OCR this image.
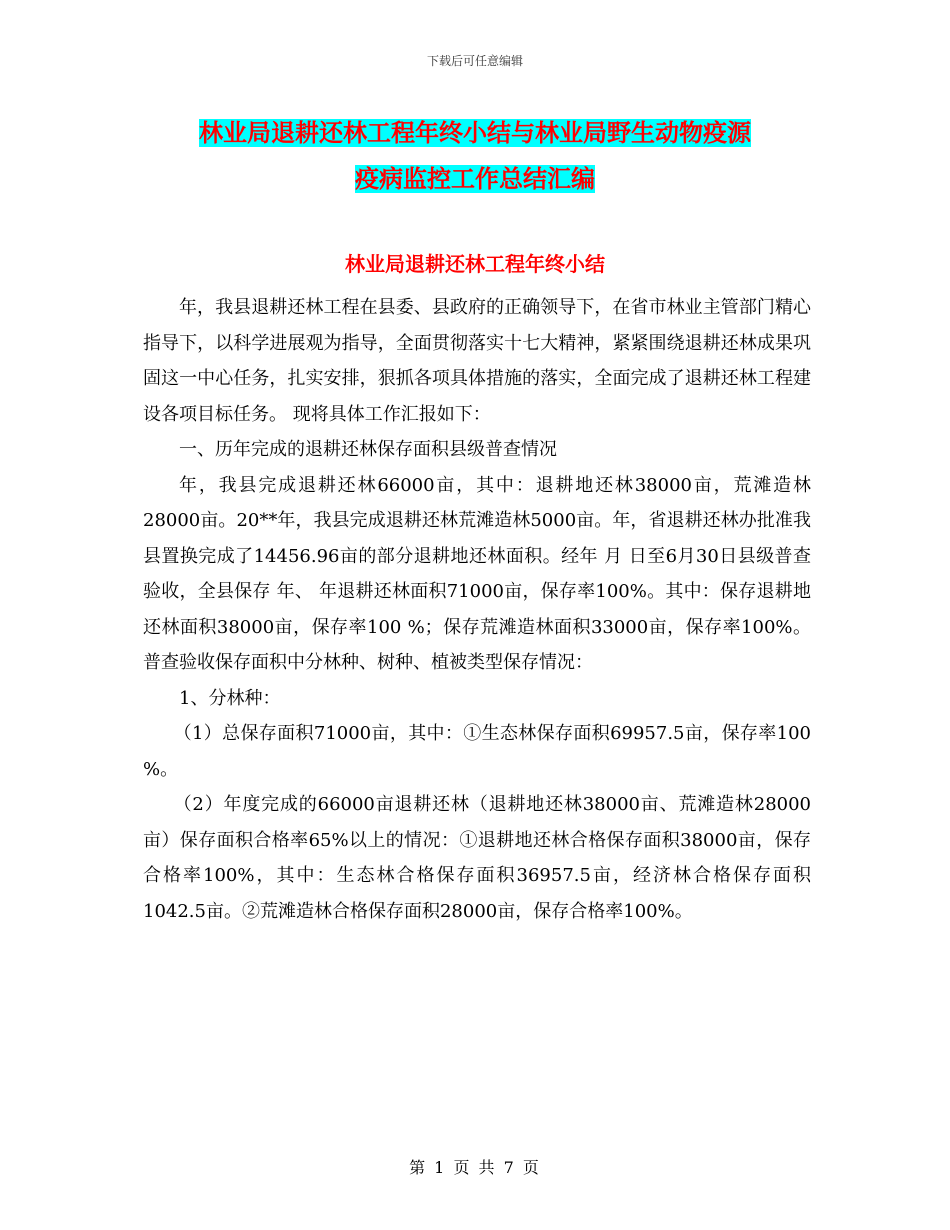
下载后可任意编辑
林业局退耕还林工程年终小结与林业局野生动物疫源
疫病监控工作总结汇编
林业局退耕还林工程年终小结

年，我县退耕还林工程在县委、县政府的正确领导下，在省市林业主管部门精心指导下，以科学进展观为指导，全面贯彻落实十七大精神，紧紧围绕退耕还林成果巩固这一中心任务，扎实安排，狠抓各项具体措施的落实，全面完成了退耕还林工程建设各项目标任务。 现将具体工作汇报如下：

一、历年完成的退耕还林保存面积县级普查情况

年，我县完成退耕还林66000亩，其中：退耕地还林38000亩，荒滩造林28000亩。20**年，我县完成退耕还林荒滩造林5000亩。年，省退耕还林办批准我县置换完成了14456.96亩的部分退耕地还林面积。经年 月 日至6月30日县级普查验收，全县保存 年、 年退耕还林面积71000亩，保存率100%。其中：保存退耕地还林面积38000亩，保存率100 %；保存荒滩造林面积33000亩，保存率100%。普查验收保存面积中分林种、树种、植被类型保存情况：

1、分林种：

（1）总保存面积71000亩，其中：①生态林保存面积69957.5亩，保存率100 %。

（2）年度完成的66000亩退耕还林（退耕地还林38000亩、荒滩造林28000亩）保存面积合格率65%以上的情况：①退耕地还林合格保存面积38000亩，保存合格率100%，其中：生态林合格保存面积36957.5亩，经济林合格保存面积1042.5亩。②荒滩造林合格保存面积28000亩，保存合格率100%。

第 1 页 共 7 页
